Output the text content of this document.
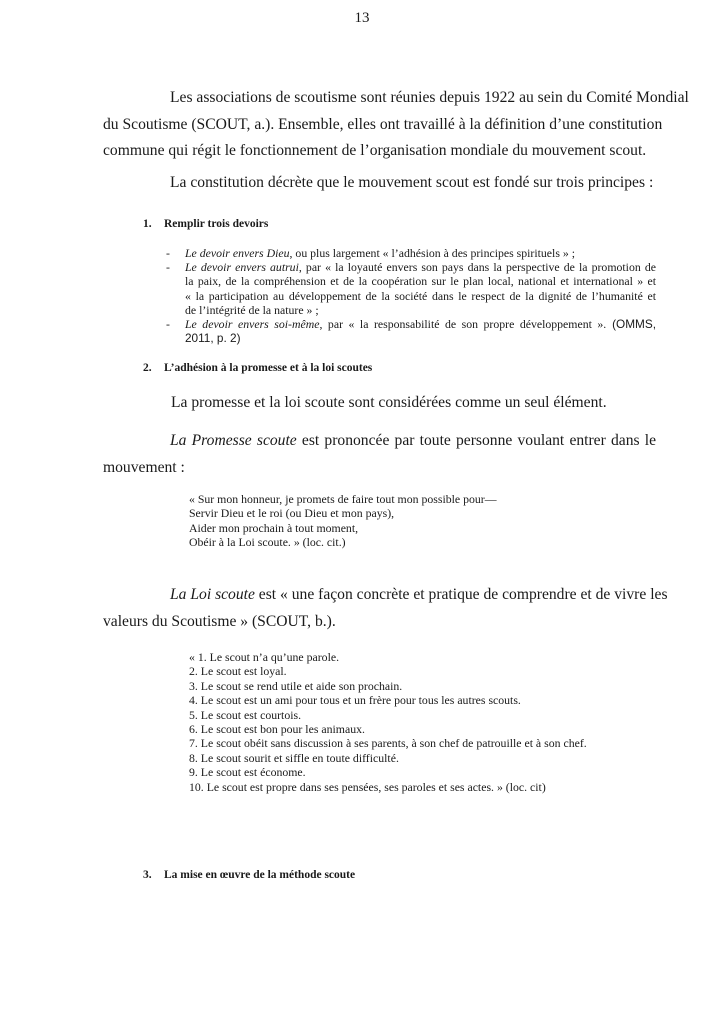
13
Les associations de scoutisme sont réunies depuis 1922 au sein du Comité Mondial
du Scoutisme (SCOUT, a.). Ensemble, elles ont travaillé à la définition d’une constitution
commune qui régit le fonctionnement de l’organisation mondiale du mouvement scout.
La constitution décrète que le mouvement scout est fondé sur trois principes :
1. Remplir trois devoirs
- Le devoir envers Dieu, ou plus largement « l’adhésion à des principes spirituels » ;
- Le devoir envers autrui, par « la loyauté envers son pays dans la perspective de la promotion de
la paix, de la compréhension et de la coopération sur le plan local, national et international » et
« la participation au développement de la société dans le respect de la dignité de l’humanité et
de l’intégrité de la nature » ;
- Le devoir envers soi-même, par « la responsabilité de son propre développement ». (OMMS,
2011, p. 2)
2. L’adhésion à la promesse et à la loi scoutes
La promesse et la loi scoute sont considérées comme un seul élément.
La Promesse scoute est prononcée par toute personne voulant entrer dans le
mouvement :
« Sur mon honneur, je promets de faire tout mon possible pour—
Servir Dieu et le roi (ou Dieu et mon pays),
Aider mon prochain à tout moment,
Obéir à la Loi scoute. » (loc. cit.)
La Loi scoute est « une façon concrète et pratique de comprendre et de vivre les
valeurs du Scoutisme » (SCOUT, b.).
« 1. Le scout n’a qu’une parole.
2. Le scout est loyal.
3. Le scout se rend utile et aide son prochain.
4. Le scout est un ami pour tous et un frère pour tous les autres scouts.
5. Le scout est courtois.
6. Le scout est bon pour les animaux.
7. Le scout obéit sans discussion à ses parents, à son chef de patrouille et à son chef.
8. Le scout sourit et siffle en toute difficulté.
9. Le scout est économe.
10. Le scout est propre dans ses pensées, ses paroles et ses actes. » (loc. cit)
3. La mise en œuvre de la méthode scoute
